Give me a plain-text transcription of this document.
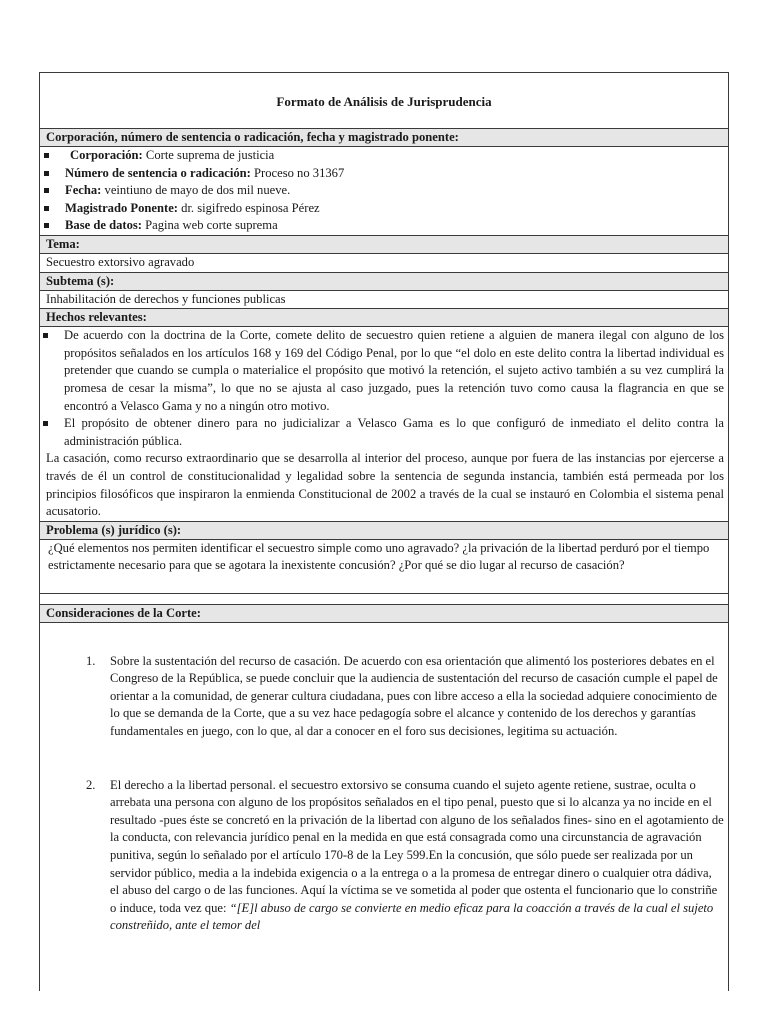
Formato de Análisis de Jurisprudencia
Corporación, número de sentencia o radicación, fecha y magistrado ponente:
Corporación: Corte suprema de justicia
Número de sentencia o radicación: Proceso no 31367
Fecha: veintiuno de mayo de dos mil nueve.
Magistrado Ponente: dr. sigifredo espinosa Pérez
Base de datos: Pagina web corte suprema
Tema:
Secuestro extorsivo agravado
Subtema (s):
Inhabilitación de derechos y funciones publicas
Hechos relevantes:
De acuerdo con la doctrina de la Corte, comete delito de secuestro quien retiene a alguien de manera ilegal con alguno de los propósitos señalados en los artículos 168 y 169 del Código Penal, por lo que “el dolo en este delito contra la libertad individual es pretender que cuando se cumpla o materialice el propósito que motivó la retención, el sujeto activo también a su vez cumplirá la promesa de cesar la misma”, lo que no se ajusta al caso juzgado, pues la retención tuvo como causa la flagrancia en que se encontró a Velasco Gama y no a ningún otro motivo.
El propósito de obtener dinero para no judicializar a Velasco Gama es lo que configuró de inmediato el delito contra la administración pública.
La casación, como recurso extraordinario que se desarrolla al interior del proceso, aunque por fuera de las instancias por ejercerse a través de él un control de constitucionalidad y legalidad sobre la sentencia de segunda instancia, también está permeada por los principios filosóficos que inspiraron la enmienda Constitucional de 2002 a través de la cual se instauró en Colombia el sistema penal acusatorio.
Problema (s) jurídico (s):
¿Qué elementos nos permiten identificar el secuestro simple como uno agravado? ¿la privación de la libertad perduró por el tiempo estrictamente necesario para que se agotara la inexistente concusión? ¿Por qué se dio lugar al recurso de casación?
Consideraciones de la Corte:
1. Sobre la sustentación del recurso de casación. De acuerdo con esa orientación que alimentó los posteriores debates en el Congreso de la República, se puede concluir que la audiencia de sustentación del recurso de casación cumple el papel de orientar a la comunidad, de generar cultura ciudadana, pues con libre acceso a ella la sociedad adquiere conocimiento de lo que se demanda de la Corte, que a su vez hace pedagogía sobre el alcance y contenido de los derechos y garantías fundamentales en juego, con lo que, al dar a conocer en el foro sus decisiones, legitima su actuación.
2. El derecho a la libertad personal. el secuestro extorsivo se consuma cuando el sujeto agente retiene, sustrae, oculta o arrebata una persona con alguno de los propósitos señalados en el tipo penal, puesto que si lo alcanza ya no incide en el resultado -pues éste se concretó en la privación de la libertad con alguno de los señalados fines- sino en el agotamiento de la conducta, con relevancia jurídico penal en la medida en que está consagrada como una circunstancia de agravación punitiva, según lo señalado por el artículo 170-8 de la Ley 599.En la concusión, que sólo puede ser realizada por un servidor público, media a la indebida exigencia o a la entrega o a la promesa de entregar dinero o cualquier otra dádiva, el abuso del cargo o de las funciones. Aquí la víctima se ve sometida al poder que ostenta el funcionario que lo constriñe o induce, toda vez que: “[E]l abuso de cargo se convierte en medio eficaz para la coacción a través de la cual el sujeto constreñido, ante el temor del
